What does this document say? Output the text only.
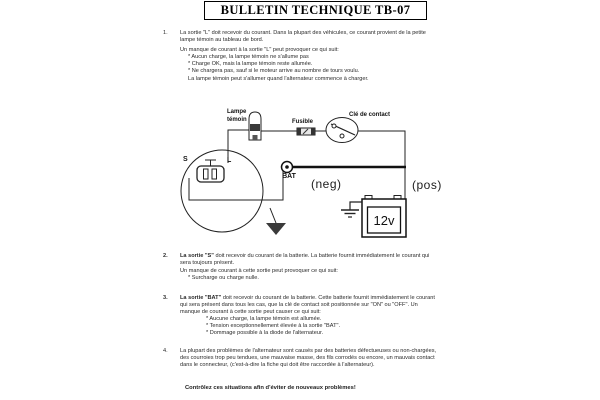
BULLETIN TECHNIQUE TB-07
1.	La sortie "L" doit recevoir du courant. Dans la plupart des véhicules, ce courant provient de la petite lampe témoin au tableau de bord.
Un manque de courant à la sortie "L" peut provoquer ce qui suit:
* Aucun charge, la lampe témoin ne s'allume pas
* Charge OK, mais la lampe témoin reste allumée.
* Ne chargera pas, sauf si le moteur arrive au nombre de tours voulu.
La lampe témoin peut s'allumer quand l'alternateur commence à charger.
Lampe
témoin	Fusible
Clé de contact
S	L
BAT
(neg)	(pos)
12v
2.	La sortie "S" doit recevoir du courant de la batterie. La batterie fournit immédiatement le courant qui sera toujours présent.
Un manque de courant à cette sortie peut provoquer ce qui suit:
* Surcharge ou charge nulle.
3.	La sortie "BAT" doit recevoir du courant de la batterie. Cette batterie fournit immédiatement le courant qui sera présent dans tous les cas, que la clé de contact soit positionnée sur "ON" ou "OFF". Un manque de courant à cette sortie peut causer ce qui suit:
* Aucune charge, la lampe témoin est allumée.
* Tension exceptionnellement élevée à la sortie "BAT".
* Dommage possible à la diode de l'alternateur.
4.	La plupart des problèmes de l'alternateur sont causés par des batteries défectueuses ou non-chargées, des courroies trop peu tendues, une mauvaise masse, des fils corrodés ou encore, un mauvais contact dans le connecteur, (c'est-à-dire la fiche qui doit être raccordée à l'alternateur).
Contrôlez ces situations afin d'éviter de nouveaux problèmes!
